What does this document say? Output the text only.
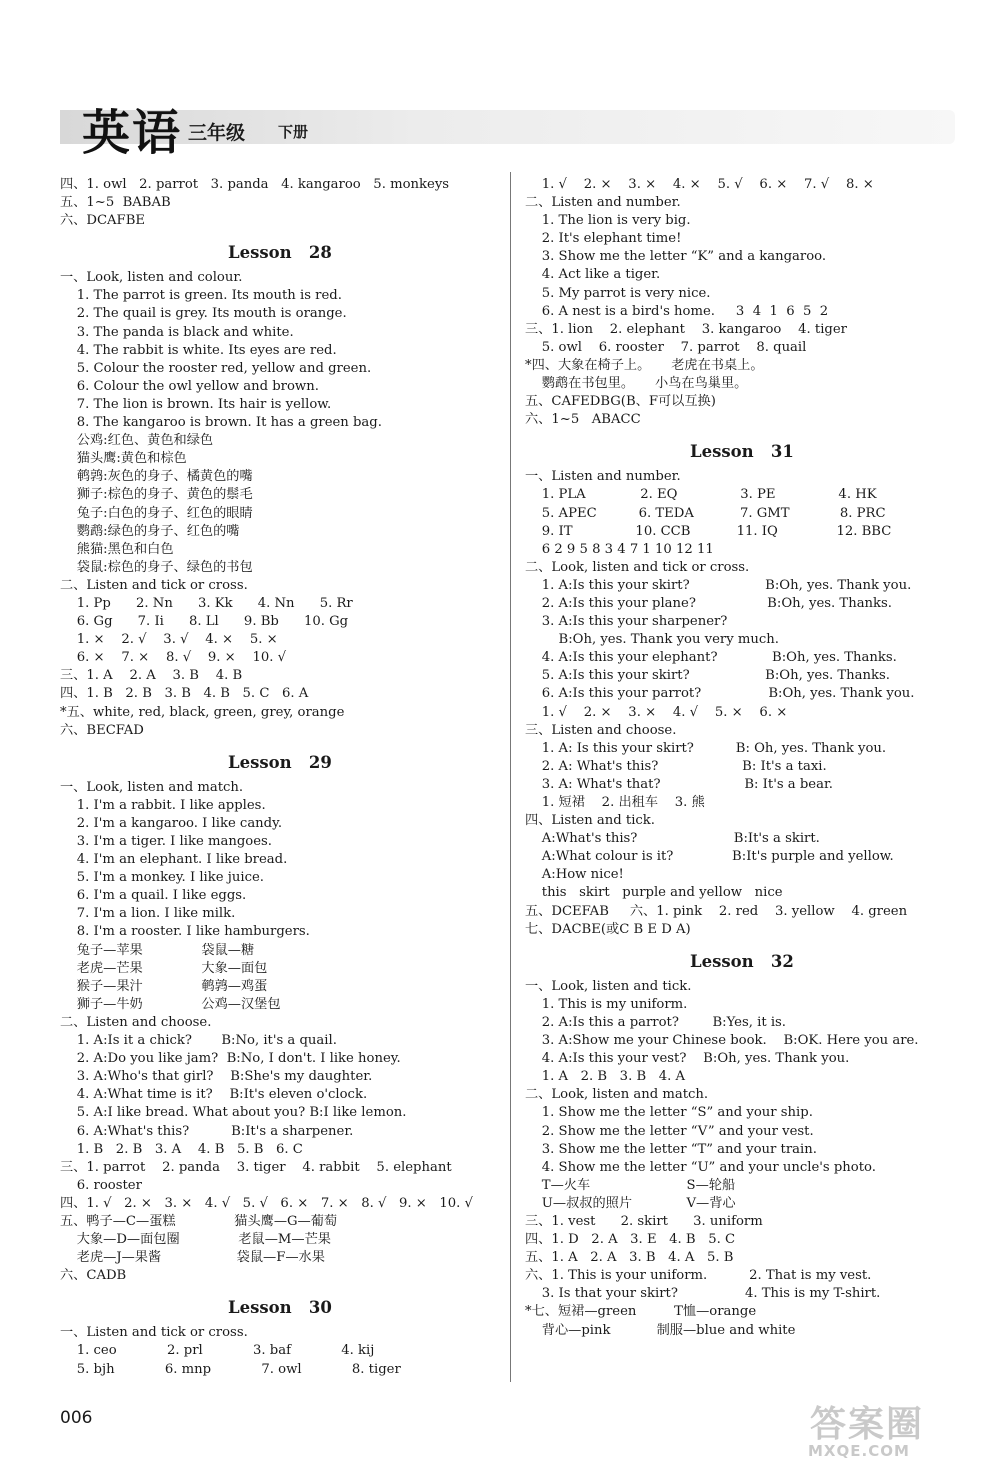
英语 三年级 下册
四、1. owl   2. parrot   3. panda   4. kangaroo   5. monkeys
五、1~5  BABAB
六、DCAFBE
Lesson   28
一、Look, listen and colour.
1. The parrot is green. Its mouth is red.
2. The quail is grey. Its mouth is orange.
3. The panda is black and white.
4. The rabbit is white. Its eyes are red.
5. Colour the rooster red, yellow and green.
6. Colour the owl yellow and brown.
7. The lion is brown. Its hair is yellow.
8. The kangaroo is brown. It has a green bag.
公鸡:红色、黄色和绿色
猫头鹰:黄色和棕色
鹌鹑:灰色的身子、橘黄色的嘴
狮子:棕色的身子、黄色的鬃毛
兔子:白色的身子、红色的眼睛
鹦鹉:绿色的身子、红色的嘴
熊猫:黑色和白色
袋鼠:棕色的身子、绿色的书包
二、Listen and tick or cross.
1. Pp      2. Nn      3. Kk      4. Nn      5. Rr
6. Gg      7. Ii      8. Ll      9. Bb      10. Gg
1. ×    2. √    3. √    4. ×    5. ×
6. ×    7. ×    8. √    9. ×    10. √
三、1. A    2. A    3. B    4. B
四、1. B   2. B   3. B   4. B   5. C   6. A
*五、white, red, black, green, grey, orange
六、BECFAD
Lesson   29
一、Look, listen and match.
1. I'm a rabbit. I like apples.
2. I'm a kangaroo. I like candy.
3. I'm a tiger. I like mangoes.
4. I'm an elephant. I like bread.
5. I'm a monkey. I like juice.
6. I'm a quail. I like eggs.
7. I'm a lion. I like milk.
8. I'm a rooster. I like hamburgers.
兔子—苹果              袋鼠—糖
老虎—芒果              大象—面包
猴子—果汁              鹌鹑—鸡蛋
狮子—牛奶              公鸡—汉堡包
二、Listen and choose.
1. A:Is it a chick?       B:No, it's a quail.
2. A:Do you like jam?  B:No, I don't. I like honey.
3. A:Who's that girl?    B:She's my daughter.
4. A:What time is it?    B:It's eleven o'clock.
5. A:I like bread. What about you? B:I like lemon.
6. A:What's this?          B:It's a sharpener.
1. B   2. B   3. A    4. B   5. B   6. C
三、1. parrot    2. panda    3. tiger    4. rabbit    5. elephant
6. rooster
四、1. √   2. ×   3. ×   4. √   5. √   6. ×   7. ×   8. √   9. ×   10. √
五、鸭子—C—蛋糕              猫头鹰—G—葡萄
大象—D—面包圈              老鼠—M—芒果
老虎—J—果酱                  袋鼠—F—水果
六、CADB
Lesson   30
一、Listen and tick or cross.
1. ceo            2. prl            3. baf            4. kij
5. bjh            6. mnp            7. owl            8. tiger
1. √    2. ×    3. ×    4. ×    5. √    6. ×    7. √    8. ×
二、Listen and number.
1. The lion is very big.
2. It's elephant time!
3. Show me the letter “K” and a kangaroo.
4. Act like a tiger.
5. My parrot is very nice.
6. A nest is a bird's home.     3  4  1  6  5  2
三、1. lion    2. elephant    3. kangaroo    4. tiger
5. owl    6. rooster    7. parrot    8. quail
*四、大象在椅子上。     老虎在书桌上。
鹦鹉在书包里。     小鸟在鸟巢里。
五、CAFEDBG(B、F可以互换)
六、1~5   ABACC
Lesson   31
一、Listen and number.
1. PLA             2. EQ               3. PE               4. HK
5. APEC          6. TEDA           7. GMT            8. PRC
9. IT               10. CCB           11. IQ              12. BBC
6 2 9 5 8 3 4 7 1 10 12 11
二、Look, listen and tick or cross.
1. A:Is this your skirt?                  B:Oh, yes. Thank you.
2. A:Is this your plane?                 B:Oh, yes. Thanks.
3. A:Is this your sharpener?
B:Oh, yes. Thank you very much.
4. A:Is this your elephant?             B:Oh, yes. Thanks.
5. A:Is this your skirt?                  B:Oh, yes. Thanks.
6. A:Is this your parrot?                B:Oh, yes. Thank you.
1. √    2. ×    3. ×    4. √    5. ×    6. ×
三、Listen and choose.
1. A: Is this your skirt?          B: Oh, yes. Thank you.
2. A: What's this?                    B: It's a taxi.
3. A: What's that?                    B: It's a bear.
1. 短裙    2. 出租车    3. 熊
四、Listen and tick.
A:What's this?                       B:It's a skirt.
A:What colour is it?              B:It's purple and yellow.
A:How nice!
this   skirt   purple and yellow   nice
五、DCEFAB     六、1. pink    2. red    3. yellow    4. green
七、DACBE(或C B E D A)
Lesson   32
一、Look, listen and tick.
1. This is my uniform.
2. A:Is this a parrot?        B:Yes, it is.
3. A:Show me your Chinese book.    B:OK. Here you are.
4. A:Is this your vest?    B:Oh, yes. Thank you.
1. A   2. B   3. B   4. A
二、Look, listen and match.
1. Show me the letter “S” and your ship.
2. Show me the letter “V” and your vest.
3. Show me the letter “T” and your train.
4. Show me the letter “U” and your uncle's photo.
T—火车                       S—轮船
U—叔叔的照片             V—背心
三、1. vest      2. skirt      3. uniform
四、1. D   2. A   3. E   4. B   5. C
五、1. A   2. A   3. B   4. A   5. B
六、1. This is your uniform.          2. That is my vest.
3. Is that your skirt?                4. This is my T-shirt.
*七、短裙—green         T恤—orange
背心—pink           制服—blue and white
006	答案圈
MXQE.COM
